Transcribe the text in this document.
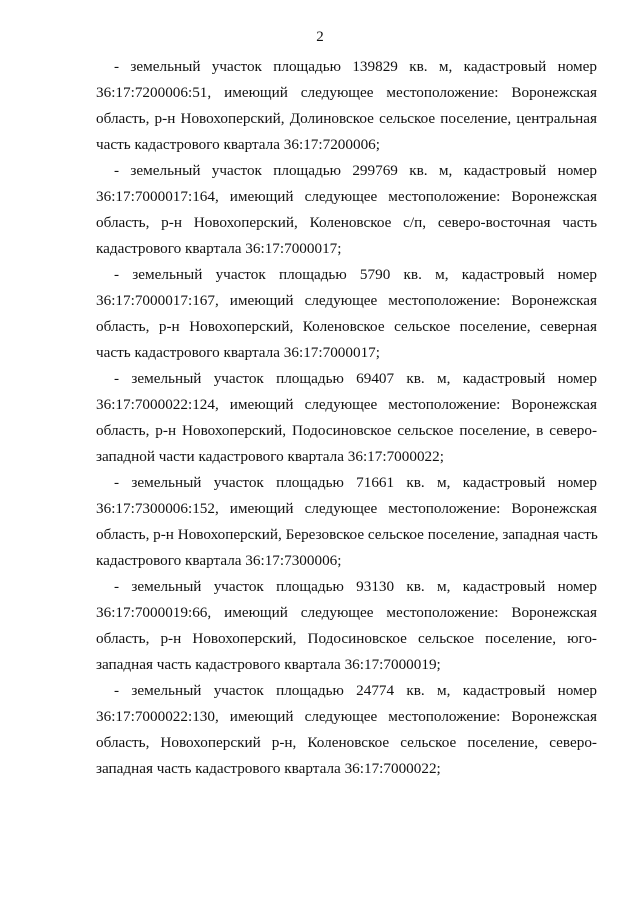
2
- земельный участок площадью 139829 кв. м, кадастровый номер
36:17:7200006:51, имеющий следующее местоположение: Воронежская
область, р-н Новохоперский, Долиновское сельское поселение, центральная
часть кадастрового квартала 36:17:7200006;
- земельный участок площадью 299769 кв. м, кадастровый номер
36:17:7000017:164, имеющий следующее местоположение: Воронежская
область, р-н Новохоперский, Коленовское с/п, северо-восточная часть
кадастрового квартала 36:17:7000017;
- земельный участок площадью 5790 кв. м, кадастровый номер
36:17:7000017:167, имеющий следующее местоположение: Воронежская
область, р-н Новохоперский, Коленовское сельское поселение, северная
часть кадастрового квартала 36:17:7000017;
- земельный участок площадью 69407 кв. м, кадастровый номер
36:17:7000022:124, имеющий следующее местоположение: Воронежская
область, р-н Новохоперский, Подосиновское сельское поселение, в северо-
западной части кадастрового квартала 36:17:7000022;
- земельный участок площадью 71661 кв. м, кадастровый номер
36:17:7300006:152, имеющий следующее местоположение: Воронежская
область, р-н Новохоперский, Березовское сельское поселение, западная часть
кадастрового квартала 36:17:7300006;
- земельный участок площадью 93130 кв. м, кадастровый номер
36:17:7000019:66, имеющий следующее местоположение: Воронежская
область, р-н Новохоперский, Подосиновское сельское поселение, юго-
западная часть кадастрового квартала 36:17:7000019;
- земельный участок площадью 24774 кв. м, кадастровый номер
36:17:7000022:130, имеющий следующее местоположение: Воронежская
область, Новохоперский р-н, Коленовское сельское поселение, северо-
западная часть кадастрового квартала 36:17:7000022;
